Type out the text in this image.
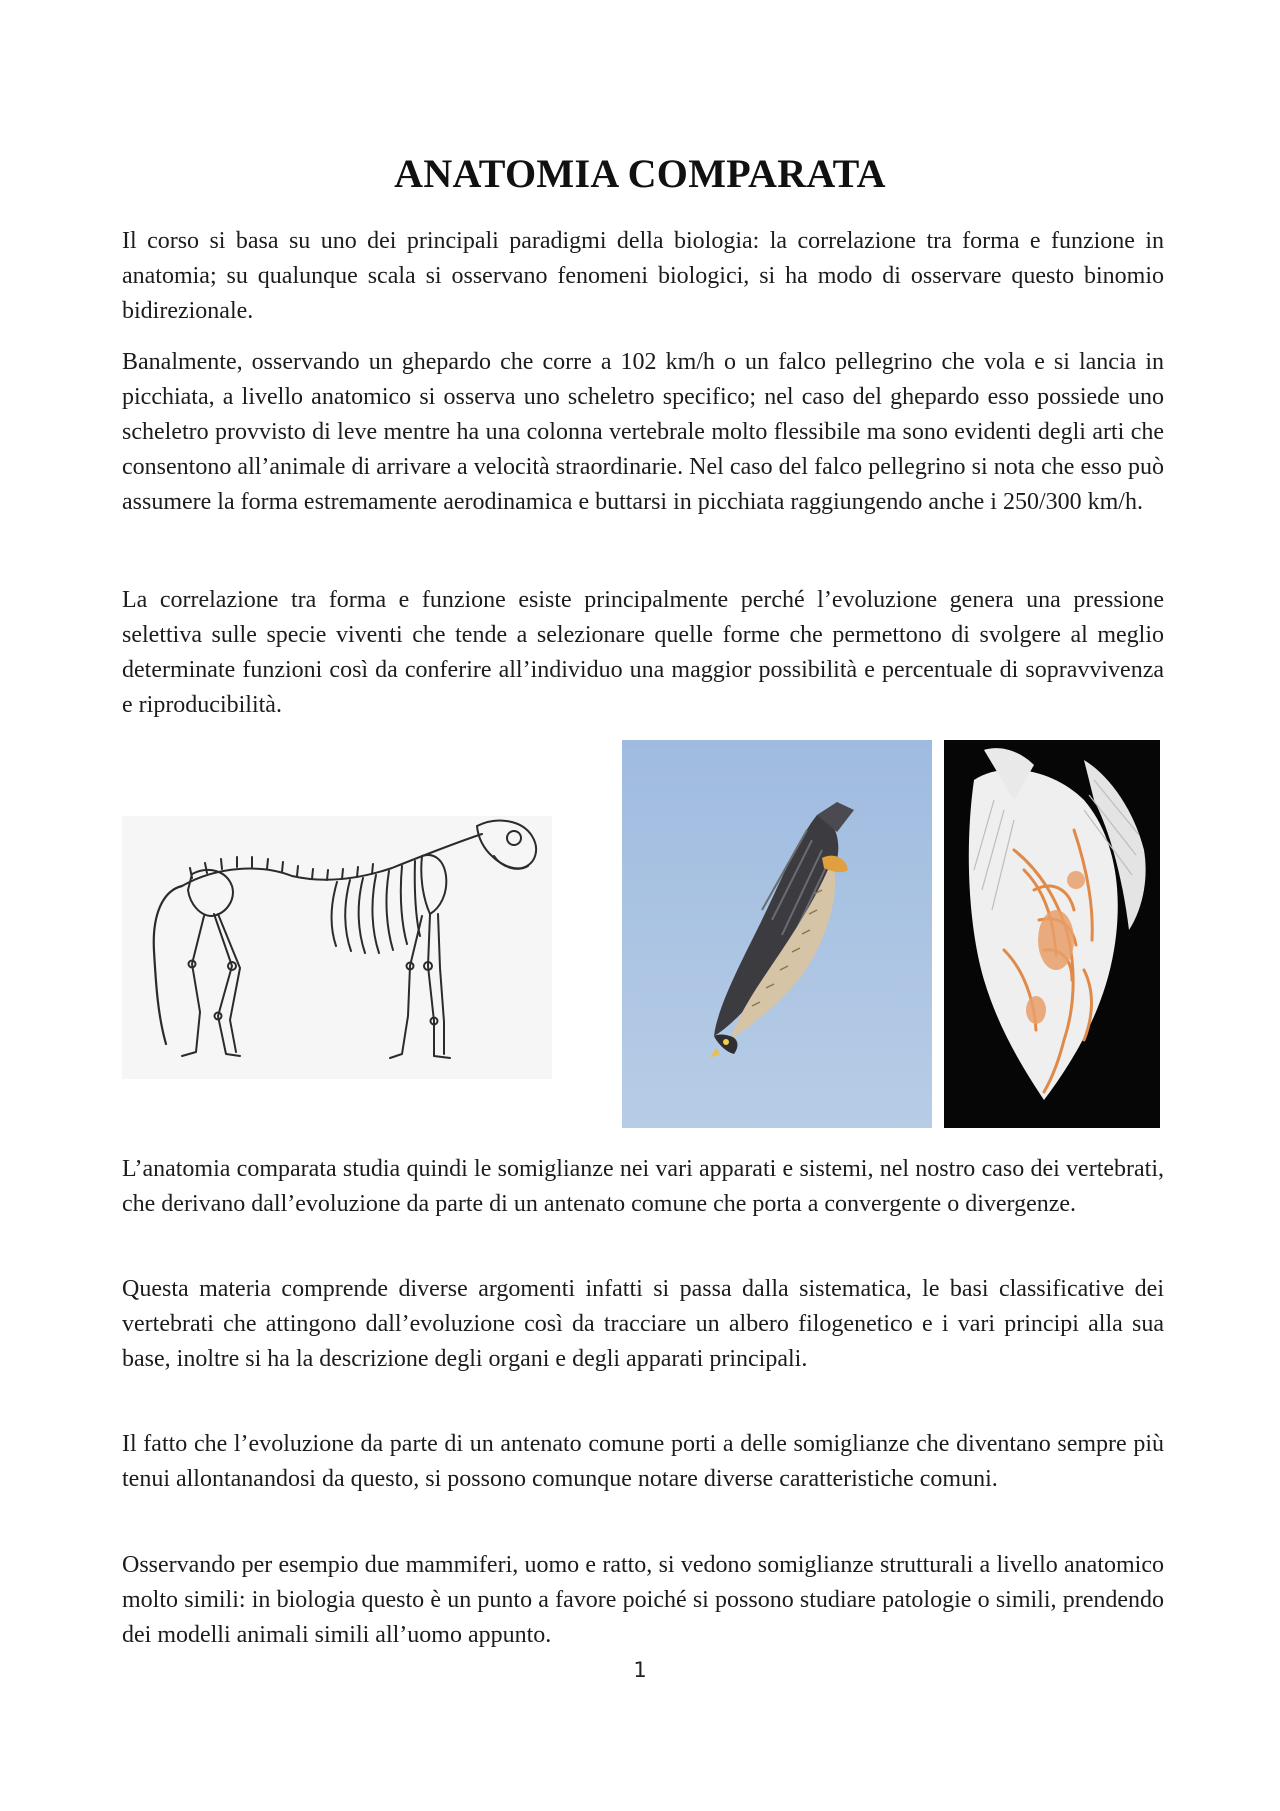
ANATOMIA COMPARATA

Il corso si basa su uno dei principali paradigmi della biologia: la correlazione tra forma e funzione in anatomia; su qualunque scala si osservano fenomeni biologici, si ha modo di osservare questo binomio bidirezionale.

Banalmente, osservando un ghepardo che corre a 102 km/h o un falco pellegrino che vola e si lancia in picchiata, a livello anatomico si osserva uno scheletro specifico; nel caso del ghepardo esso possiede uno scheletro provvisto di leve mentre ha una colonna vertebrale molto flessibile ma sono evidenti degli arti che consentono all’animale di arrivare a velocità straordinarie. Nel caso del falco pellegrino si nota che esso può assumere la forma estremamente aerodinamica e buttarsi in picchiata raggiungendo anche i 250/300 km/h.

La correlazione tra forma e funzione esiste principalmente perché l’evoluzione genera una pressione selettiva sulle specie viventi che tende a selezionare quelle forme che permettono di svolgere al meglio determinate funzioni così da conferire all’individuo una maggior possibilità e percentuale di sopravvivenza e riproducibilità.

L’anatomia comparata studia quindi le somiglianze nei vari apparati e sistemi, nel nostro caso dei vertebrati, che derivano dall’evoluzione da parte di un antenato comune che porta a convergente o divergenze.

Questa materia comprende diverse argomenti infatti si passa dalla sistematica, le basi classificative dei vertebrati che attingono dall’evoluzione così da tracciare un albero filogenetico e i vari principi alla sua base, inoltre si ha la descrizione degli organi e degli apparati principali.

Il fatto che l’evoluzione da parte di un antenato comune porti a delle somiglianze che diventano sempre più tenui allontanandosi da questo, si possono comunque notare diverse caratteristiche comuni.

Osservando per esempio due mammiferi, uomo e ratto, si vedono somiglianze strutturali a livello anatomico molto simili: in biologia questo è un punto a favore poiché si possono studiare patologie o simili, prendendo dei modelli animali simili all’uomo appunto.

1
